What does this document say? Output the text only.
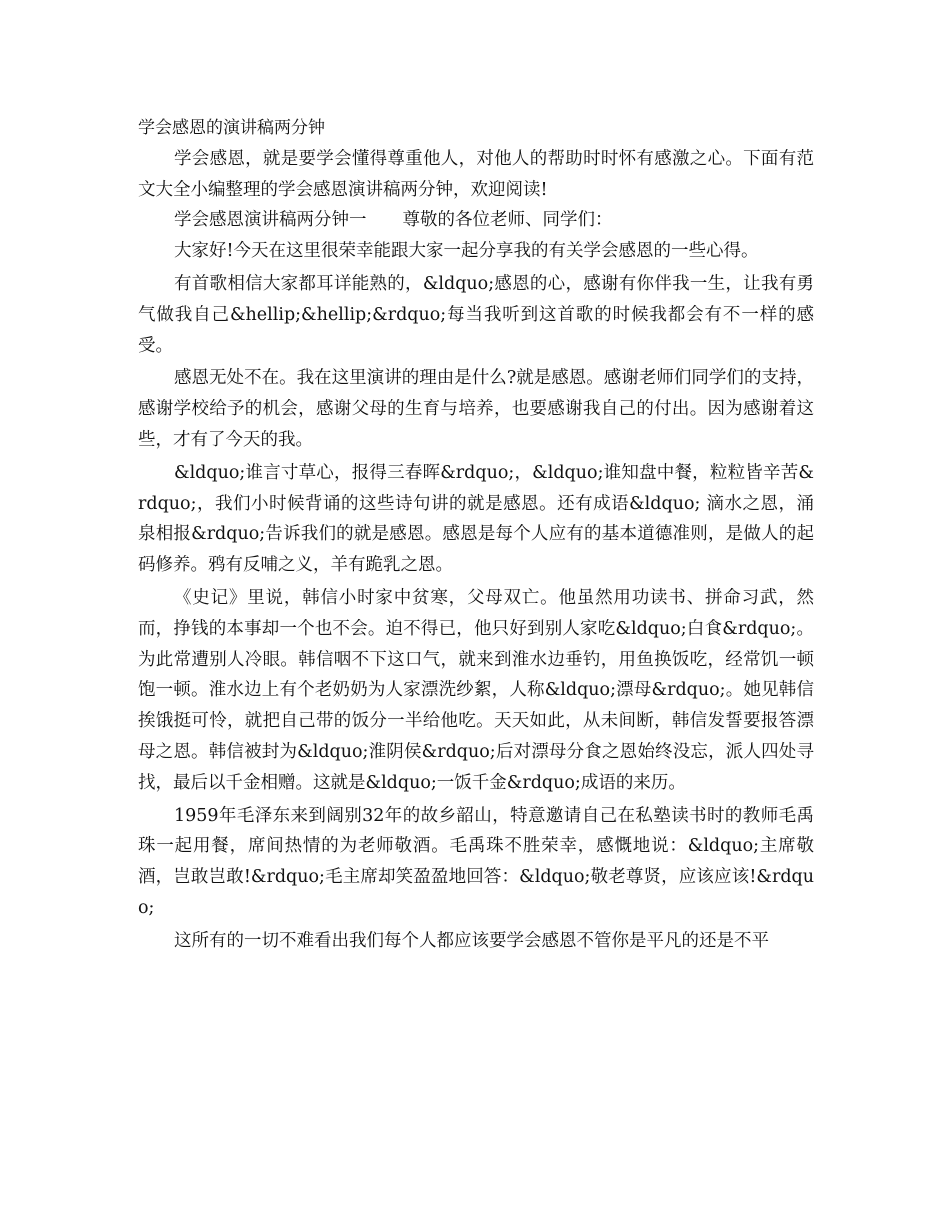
学会感恩的演讲稿两分钟

学会感恩，就是要学会懂得尊重他人，对他人的帮助时时怀有感激之心。下面有范文大全小编整理的学会感恩演讲稿两分钟，欢迎阅读!

学会感恩演讲稿两分钟一 尊敬的各位老师、同学们：

大家好!今天在这里很荣幸能跟大家一起分享我的有关学会感恩的一些心得。

有首歌相信大家都耳详能熟的，&ldquo;感恩的心，感谢有你伴我一生，让我有勇气做我自己&hellip;&hellip;&rdquo;每当我听到这首歌的时候我都会有不一样的感受。

感恩无处不在。我在这里演讲的理由是什么?就是感恩。感谢老师们同学们的支持，感谢学校给予的机会，感谢父母的生育与培养，也要感谢我自己的付出。因为感谢着这些，才有了今天的我。

&ldquo;谁言寸草心，报得三春晖&rdquo;，&ldquo;谁知盘中餐，粒粒皆辛苦&rdquo;，我们小时候背诵的这些诗句讲的就是感恩。还有成语&ldquo; 滴水之恩，涌泉相报&rdquo;告诉我们的就是感恩。感恩是每个人应有的基本道德准则，是做人的起码修养。鸦有反哺之义，羊有跪乳之恩。

《史记》里说，韩信小时家中贫寒，父母双亡。他虽然用功读书、拼命习武，然而，挣钱的本事却一个也不会。迫不得已，他只好到别人家吃&ldquo;白食&rdquo;。为此常遭别人冷眼。韩信咽不下这口气，就来到淮水边垂钓，用鱼换饭吃，经常饥一顿饱一顿。淮水边上有个老奶奶为人家漂洗纱絮，人称&ldquo;漂母&rdquo;。她见韩信挨饿挺可怜，就把自己带的饭分一半给他吃。天天如此，从未间断，韩信发誓要报答漂母之恩。韩信被封为&ldquo;淮阴侯&rdquo;后对漂母分食之恩始终没忘，派人四处寻找，最后以千金相赠。这就是&ldquo;一饭千金&rdquo;成语的来历。

1959年毛泽东来到阔别32年的故乡韶山，特意邀请自己在私塾读书时的教师毛禹珠一起用餐，席间热情的为老师敬酒。毛禹珠不胜荣幸，感慨地说：&ldquo;主席敬酒，岂敢岂敢!&rdquo;毛主席却笑盈盈地回答：&ldquo;敬老尊贤，应该应该!&rdquo;

这所有的一切不难看出我们每个人都应该要学会感恩不管你是平凡的还是不平
